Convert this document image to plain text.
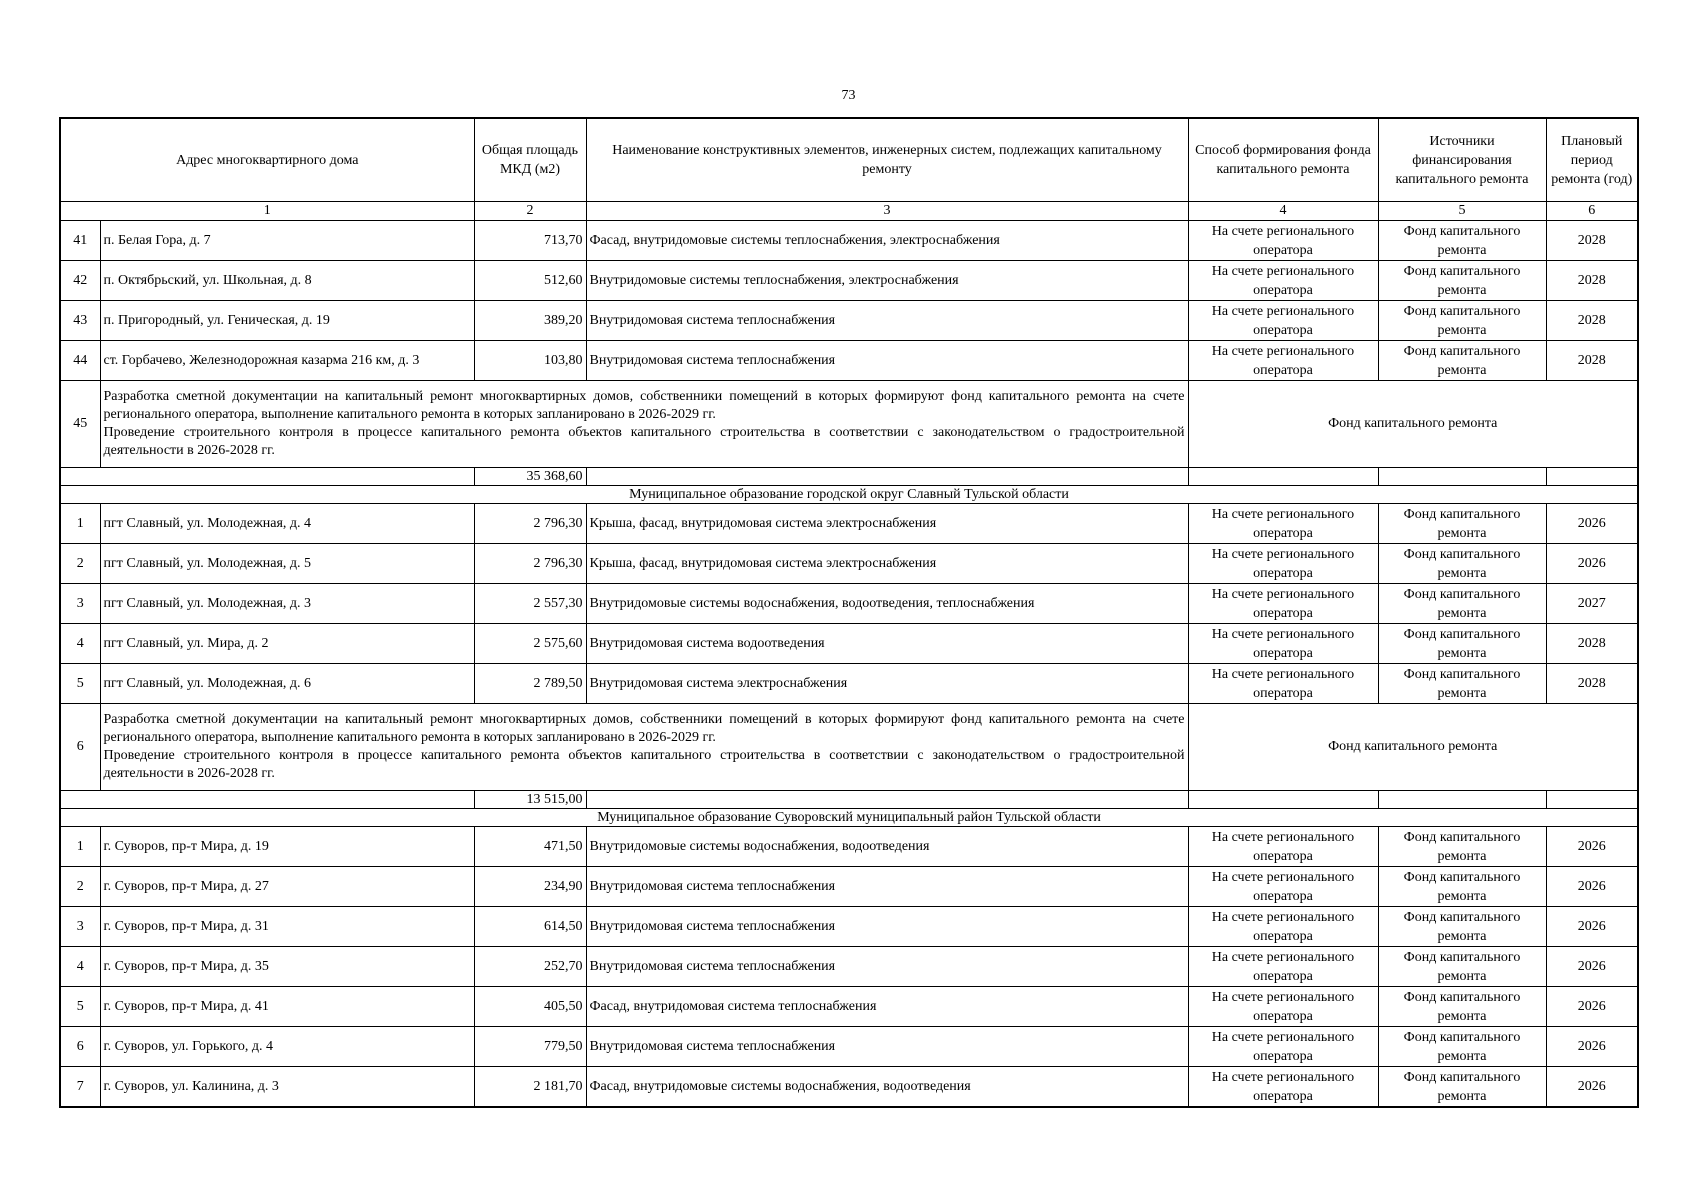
73
Адрес многоквартирного дома		Общая площадь МКД (м2)	Наименование конструктивных элементов, инженерных систем, подлежащих капитальному ремонту	Способ формирования фонда капитального ремонта	Источники финансирования капитального ремонта	Плановый период ремонта (год)
1		2	3	4	5	6
41	п. Белая Гора, д. 7	713,70	Фасад, внутридомовые системы теплоснабжения, электроснабжения	На счете регионального оператора	Фонд капитального ремонта	2028
42	п. Октябрьский, ул. Школьная, д. 8	512,60	Внутридомовые системы теплоснабжения, электроснабжения	На счете регионального оператора	Фонд капитального ремонта	2028
43	п. Пригородный, ул. Геническая, д. 19	389,20	Внутридомовая система теплоснабжения	На счете регионального оператора	Фонд капитального ремонта	2028
44	ст. Горбачево, Железнодорожная казарма 216 км, д. 3	103,80	Внутридомовая система теплоснабжения	На счете регионального оператора	Фонд капитального ремонта	2028
45	Разработка сметной документации на капитальный ремонт многоквартирных домов, собственники помещений в которых формируют фонд капитального ремонта на счете регионального оператора, выполнение капитального ремонта в которых запланировано в 2026-2029 гг.
Проведение строительного контроля в процессе капитального ремонта объектов капитального строительства в соответствии с законодательством о градостроительной деятельности в 2026-2028 гг.			Фонд капитального ремонта		
		35 368,60				
Муниципальное образование городской округ Славный Тульской области						
1	пгт Славный, ул. Молодежная, д. 4	2 796,30	Крыша, фасад, внутридомовая система электроснабжения	На счете регионального оператора	Фонд капитального ремонта	2026
2	пгт Славный, ул. Молодежная, д. 5	2 796,30	Крыша, фасад, внутридомовая система электроснабжения	На счете регионального оператора	Фонд капитального ремонта	2026
3	пгт Славный, ул. Молодежная, д. 3	2 557,30	Внутридомовые системы водоснабжения, водоотведения, теплоснабжения	На счете регионального оператора	Фонд капитального ремонта	2027
4	пгт Славный, ул. Мира, д. 2	2 575,60	Внутридомовая система водоотведения	На счете регионального оператора	Фонд капитального ремонта	2028
5	пгт Славный, ул. Молодежная, д. 6	2 789,50	Внутридомовая система электроснабжения	На счете регионального оператора	Фонд капитального ремонта	2028
6	Разработка сметной документации на капитальный ремонт многоквартирных домов, собственники помещений в которых формируют фонд капитального ремонта на счете регионального оператора, выполнение капитального ремонта в которых запланировано в 2026-2029 гг.
Проведение строительного контроля в процессе капитального ремонта объектов капитального строительства в соответствии с законодательством о градостроительной деятельности в 2026-2028 гг.			Фонд капитального ремонта		
		13 515,00				
Муниципальное образование Суворовский муниципальный район Тульской области						
1	г. Суворов, пр-т Мира, д. 19	471,50	Внутридомовые системы водоснабжения, водоотведения	На счете регионального оператора	Фонд капитального ремонта	2026
2	г. Суворов, пр-т Мира, д. 27	234,90	Внутридомовая система теплоснабжения	На счете регионального оператора	Фонд капитального ремонта	2026
3	г. Суворов, пр-т Мира, д. 31	614,50	Внутридомовая система теплоснабжения	На счете регионального оператора	Фонд капитального ремонта	2026
4	г. Суворов, пр-т Мира, д. 35	252,70	Внутридомовая система теплоснабжения	На счете регионального оператора	Фонд капитального ремонта	2026
5	г. Суворов, пр-т Мира, д. 41	405,50	Фасад, внутридомовая система теплоснабжения	На счете регионального оператора	Фонд капитального ремонта	2026
6	г. Суворов, ул. Горького, д. 4	779,50	Внутридомовая система теплоснабжения	На счете регионального оператора	Фонд капитального ремонта	2026
7	г. Суворов, ул. Калинина, д. 3	2 181,70	Фасад, внутридомовые системы водоснабжения, водоотведения	На счете регионального оператора	Фонд капитального ремонта	2026
